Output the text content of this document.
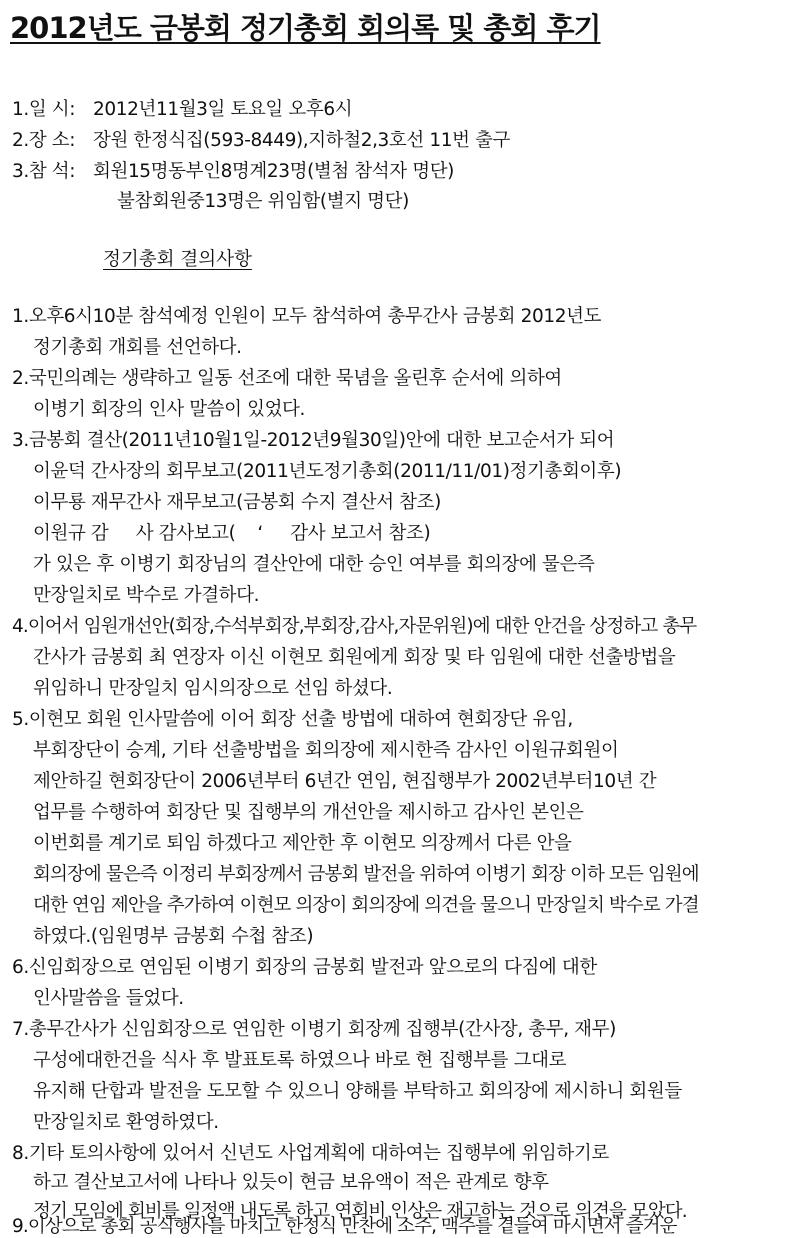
2012년도 금봉회 정기총회 회의록 및 총회 후기
1.일 시: 2012년11월3일 토요일 오후6시
2.장 소: 장원 한정식집(593-8449),지하철2,3호선 11번 출구
3.참 석: 회원15명동부인8명계23명(별첨 참석자 명단)
불참회원중13명은 위임함(별지 명단)
정기총회 결의사항
1.오후6시10분 참석예정 인원이 모두 참석하여 총무간사 금봉회 2012년도
정기총회 개회를 선언하다.
2.국민의례는 생략하고 일동 선조에 대한 묵념을 올린후 순서에 의하여
이병기 회장의 인사 말씀이 있었다.
3.금봉회 결산(2011년10월1일-2012년9월30일)안에 대한 보고순서가 되어
이윤덕 간사장의 회무보고(2011년도정기총회(2011/11/01)정기총회이후)
이무룡 재무간사 재무보고(금봉회 수지 결산서 참조)
이원규 감     사 감사보고(    ‘     감사 보고서 참조)
가 있은 후 이병기 회장님의 결산안에 대한 승인 여부를 회의장에 물은즉
만장일치로 박수로 가결하다.
4.이어서 임원개선안(회장,수석부회장,부회장,감사,자문위원)에 대한 안건을 상정하고 총무
간사가 금봉회 최 연장자 이신 이현모 회원에게 회장 및 타 임원에 대한 선출방법을
위임하니 만장일치 임시의장으로 선임 하셨다.
5.이현모 회원 인사말씀에 이어 회장 선출 방법에 대하여 현회장단 유임,
부회장단이 승계, 기타 선출방법을 회의장에 제시한즉 감사인 이원규회원이
제안하길 현회장단이 2006년부터 6년간 연임, 현집행부가 2002년부터10년 간
업무를 수행하여 회장단 및 집행부의 개선안을 제시하고 감사인 본인은
이번회를 계기로 퇴임 하겠다고 제안한 후 이현모 의장께서 다른 안을
회의장에 물은즉 이정리 부회장께서 금봉회 발전을 위하여 이병기 회장 이하 모든 임원에
대한 연임 제안을 추가하여 이현모 의장이 회의장에 의견을 물으니 만장일치 박수로 가결
하였다.(임원명부 금봉회 수첩 참조)
6.신임회장으로 연임된 이병기 회장의 금봉회 발전과 앞으로의 다짐에 대한
인사말씀을 들었다.
7.총무간사가 신임회장으로 연임한 이병기 회장께 집행부(간사장, 총무, 재무)
구성에대한건을 식사 후 발표토록 하였으나 바로 현 집행부를 그대로
유지해 단합과 발전을 도모할 수 있으니 양해를 부탁하고 회의장에 제시하니 회원들
만장일치로 환영하였다.
8.기타 토의사항에 있어서 신년도 사업계획에 대하여는 집행부에 위임하기로
하고 결산보고서에 나타나 있듯이 현금 보유액이 적은 관계로 향후
정기 모임에 회비를 일정액 내도록 하고 연회비 인상은 재고하는 것으로 의견을 모았다.
9.이상으로 총회 공식행사를 마치고 한정식 만찬에 소주, 맥주를 곁들여 마시면서 즐거운
